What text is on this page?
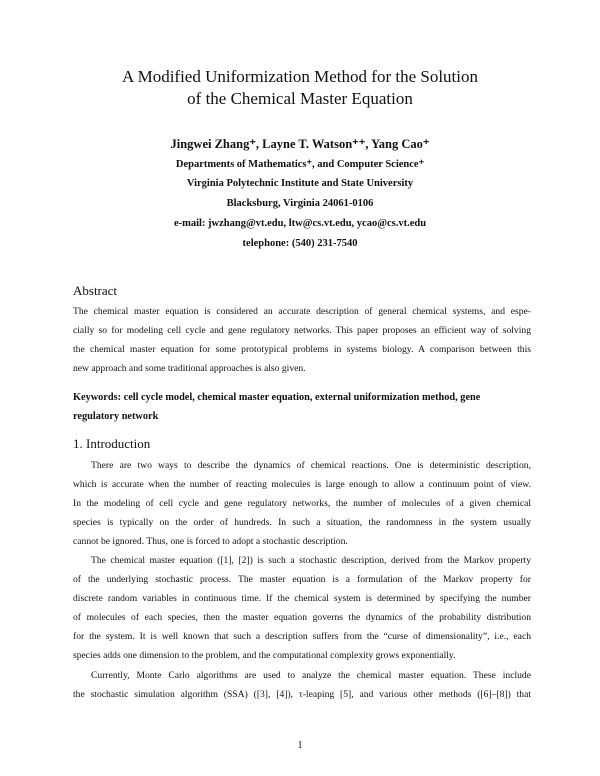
A Modified Uniformization Method for the Solution
of the Chemical Master Equation
Jingwei Zhang⁺, Layne T. Watson⁺⁺, Yang Cao⁺
Departments of Mathematics⁺, and Computer Science⁺
Virginia Polytechnic Institute and State University
Blacksburg, Virginia 24061-0106
e-mail: jwzhang@vt.edu, ltw@cs.vt.edu, ycao@cs.vt.edu
telephone: (540) 231-7540
Abstract
The chemical master equation is considered an accurate description of general chemical systems, and espe-
cially so for modeling cell cycle and gene regulatory networks. This paper proposes an efficient way of solving
the chemical master equation for some prototypical problems in systems biology. A comparison between this
new approach and some traditional approaches is also given.
Keywords: cell cycle model, chemical master equation, external uniformization method, gene
regulatory network
1. Introduction
There are two ways to describe the dynamics of chemical reactions. One is deterministic description,
which is accurate when the number of reacting molecules is large enough to allow a continuum point of view.
In the modeling of cell cycle and gene regulatory networks, the number of molecules of a given chemical
species is typically on the order of hundreds. In such a situation, the randomness in the system usually
cannot be ignored. Thus, one is forced to adopt a stochastic description.
The chemical master equation ([1], [2]) is such a stochastic description, derived from the Markov property
of the underlying stochastic process. The master equation is a formulation of the Markov property for
discrete random variables in continuous time. If the chemical system is determined by specifying the number
of molecules of each species, then the master equation governs the dynamics of the probability distribution
for the system. It is well known that such a description suffers from the “curse of dimensionality”, i.e., each
species adds one dimension to the problem, and the computational complexity grows exponentially.
Currently, Monte Carlo algorithms are used to analyze the chemical master equation. These include
the stochastic simulation algorithm (SSA) ([3], [4]), τ-leaping [5], and various other methods ([6]–[8]) that
1
